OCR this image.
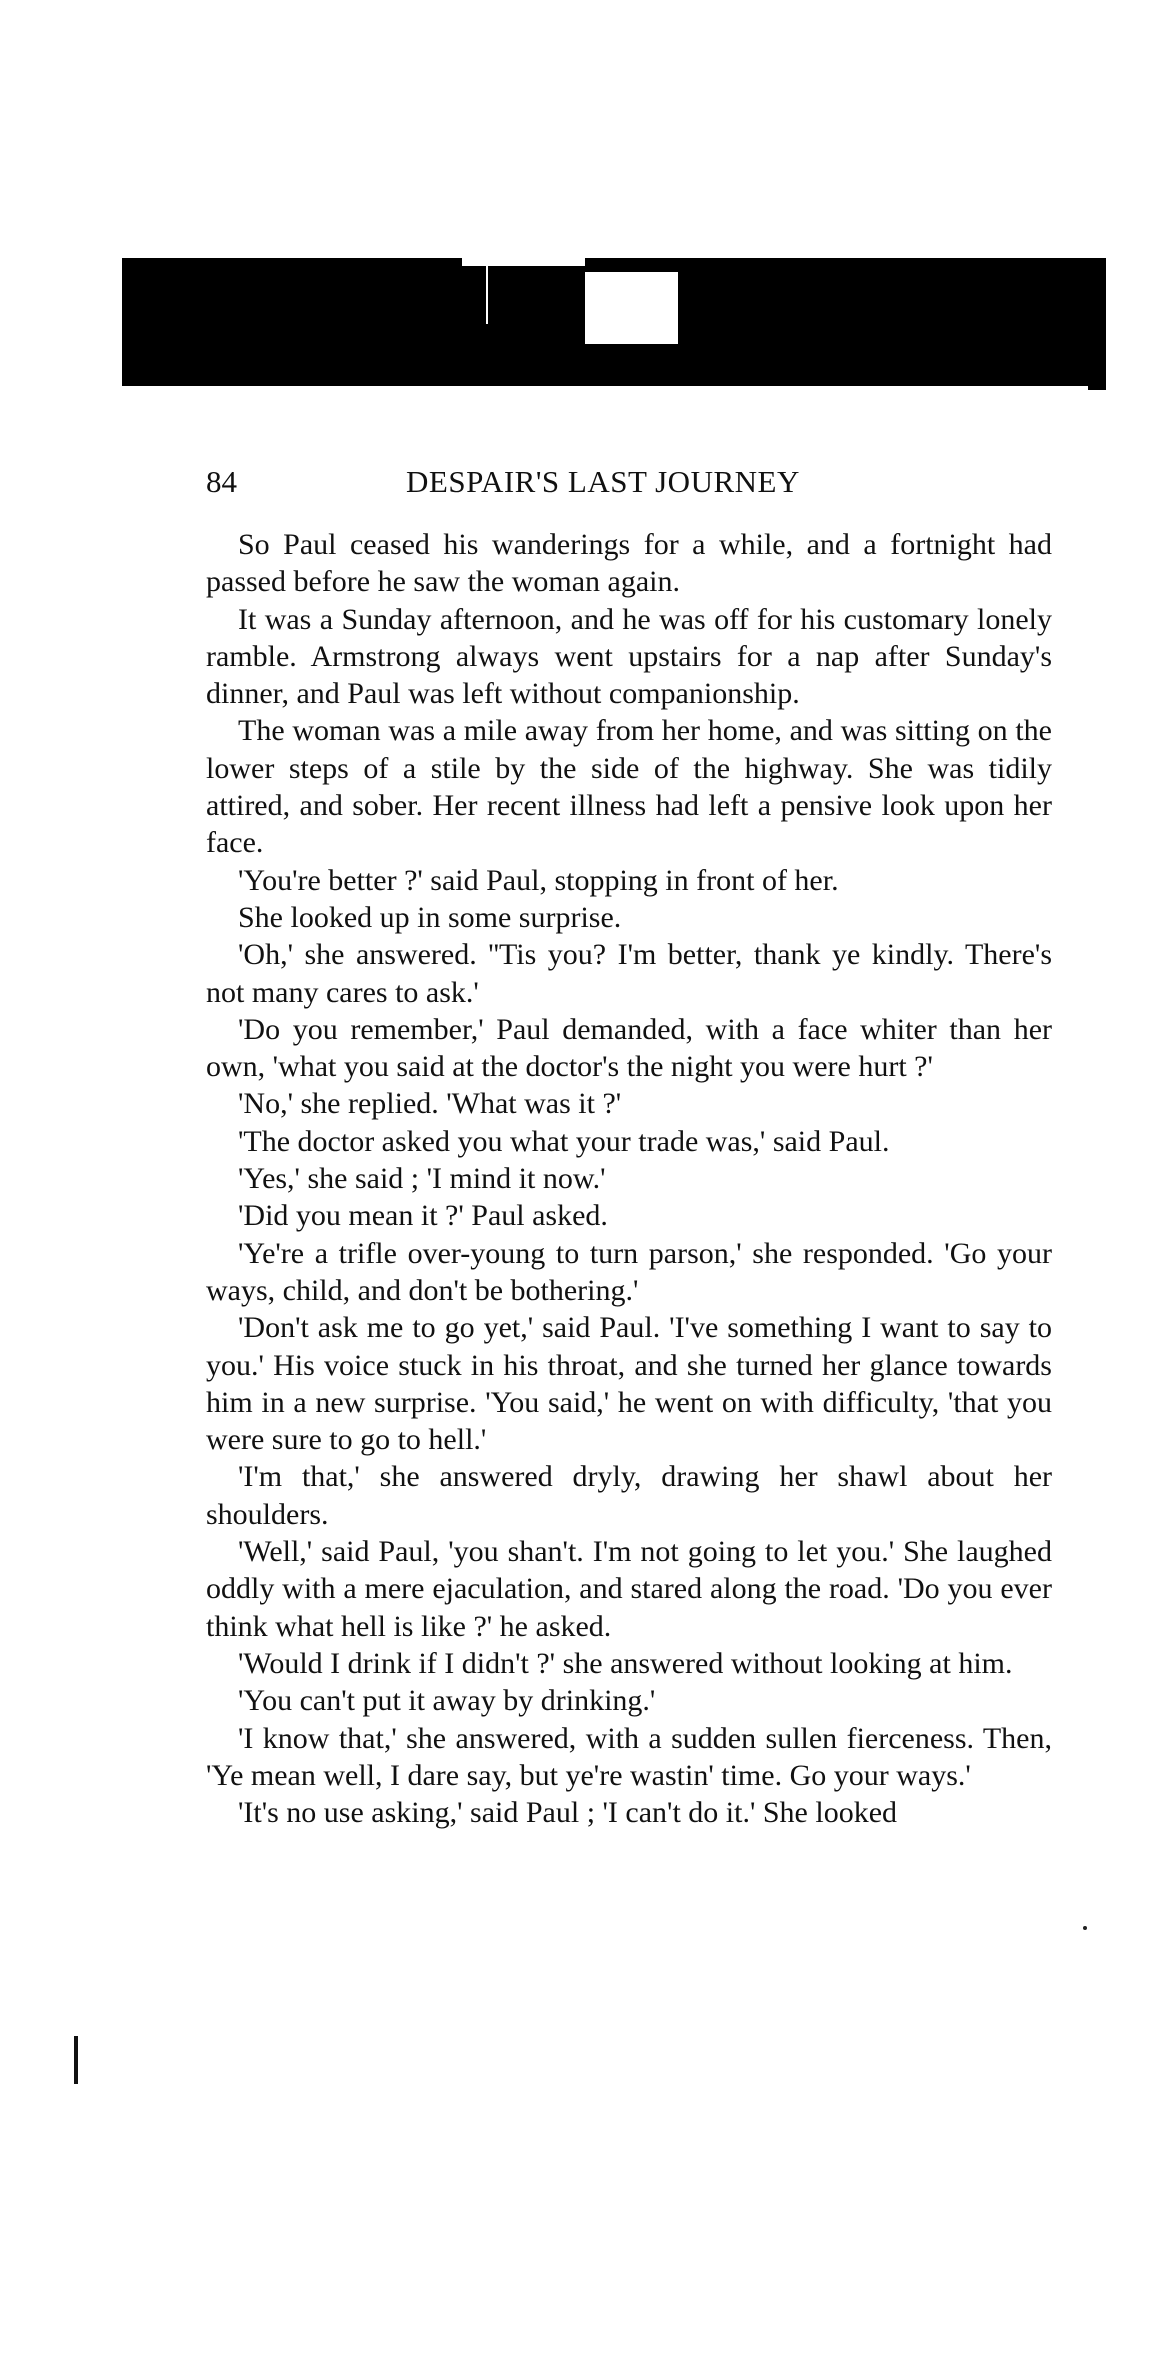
84	DESPAIR'S LAST JOURNEY

So Paul ceased his wanderings for a while, and a fortnight had passed before he saw the woman again.

It was a Sunday afternoon, and he was off for his customary lonely ramble. Armstrong always went upstairs for a nap after Sunday's dinner, and Paul was left without companionship.

The woman was a mile away from her home, and was sitting on the lower steps of a stile by the side of the highway. She was tidily attired, and sober. Her recent illness had left a pensive look upon her face.

'You're better ?' said Paul, stopping in front of her.

She looked up in some surprise.

'Oh,' she answered. ''Tis you? I'm better, thank ye kindly. There's not many cares to ask.'

'Do you remember,' Paul demanded, with a face whiter than her own, 'what you said at the doctor's the night you were hurt ?'

'No,' she replied. 'What was it ?'

'The doctor asked you what your trade was,' said Paul.

'Yes,' she said ; 'I mind it now.'

'Did you mean it ?' Paul asked.

'Ye're a trifle over-young to turn parson,' she responded. 'Go your ways, child, and don't be bothering.'

'Don't ask me to go yet,' said Paul. 'I've something I want to say to you.' His voice stuck in his throat, and she turned her glance towards him in a new surprise. 'You said,' he went on with difficulty, 'that you were sure to go to hell.'

'I'm that,' she answered dryly, drawing her shawl about her shoulders.

'Well,' said Paul, 'you shan't. I'm not going to let you.' She laughed oddly with a mere ejaculation, and stared along the road. 'Do you ever think what hell is like ?' he asked.

'Would I drink if I didn't ?' she answered without looking at him.

'You can't put it away by drinking.'

'I know that,' she answered, with a sudden sullen fierceness. Then, 'Ye mean well, I dare say, but ye're wastin' time. Go your ways.'

'It's no use asking,' said Paul ; 'I can't do it.' She looked
